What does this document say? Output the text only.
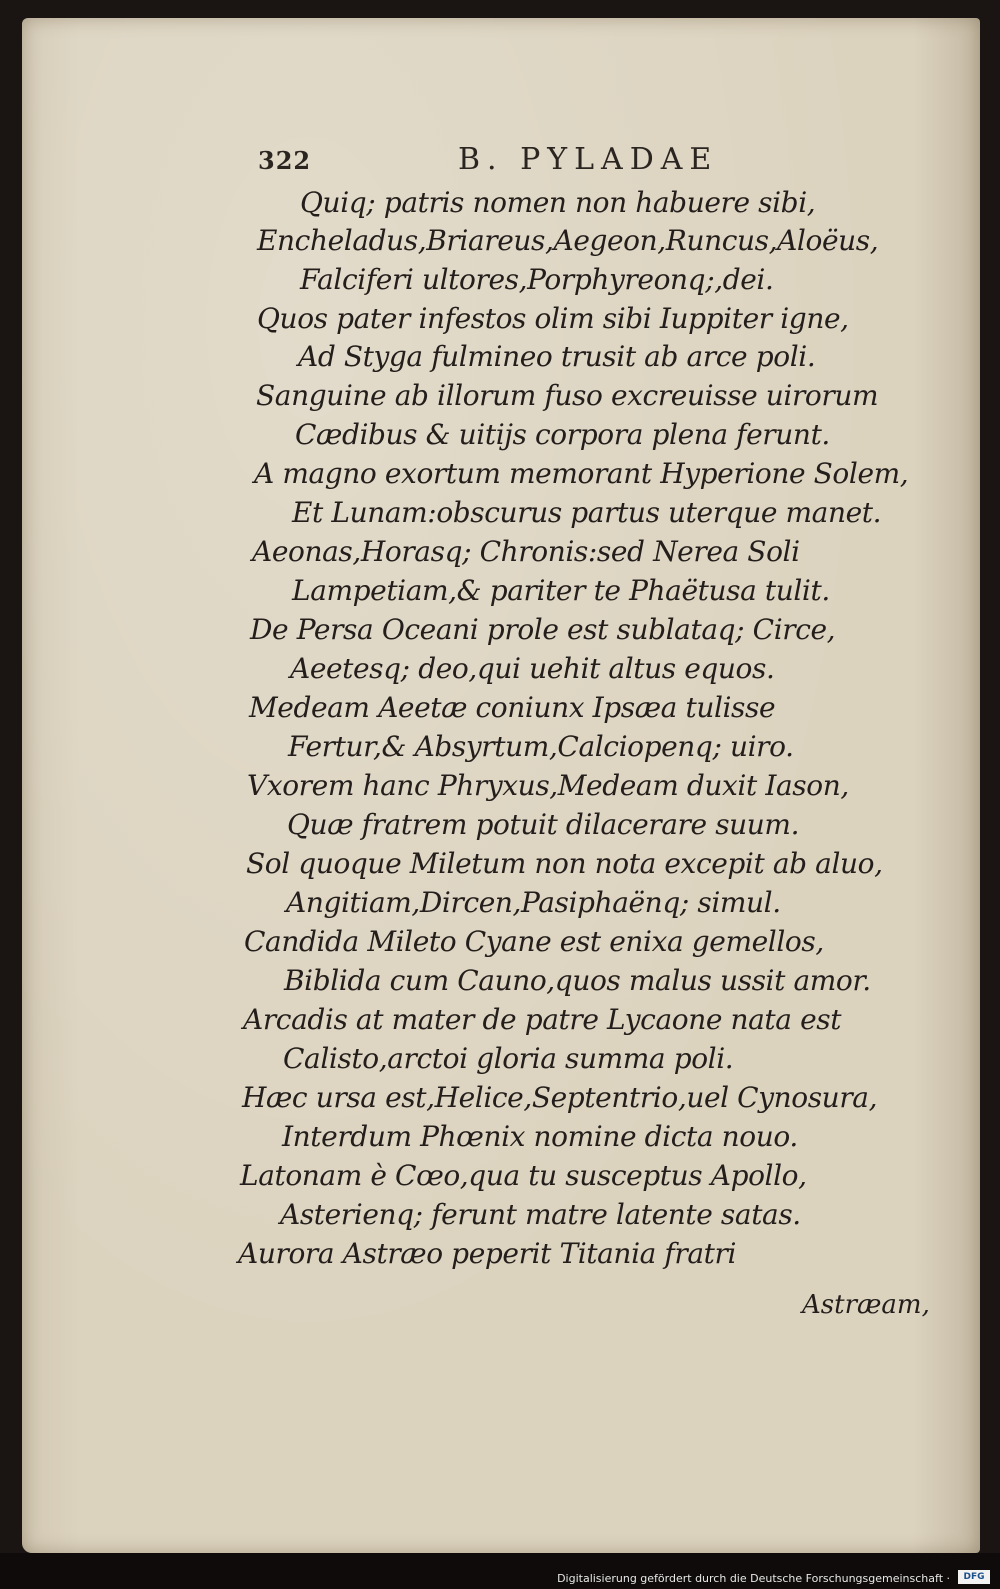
322	B. PYLADAE
Quiq; patris nomen non habuere sibi,
Encheladus,Briareus,Aegeon,Runcus,Aloëus,
Falciferi ultores,Porphyreonq;,dei.
Quos pater infestos olim sibi Iuppiter igne,
Ad Styga fulmineo trusit ab arce poli.
Sanguine ab illorum fuso excreuisse uirorum
Cædibus & uitijs corpora plena ferunt.
A magno exortum memorant Hyperione Solem,
Et Lunam:obscurus partus uterque manet.
Aeonas,Horasq; Chronis:sed Nerea Soli
Lampetiam,& pariter te Phaëtusa tulit.
De Persa Oceani prole est sublataq; Circe,
Aeetesq; deo,qui uehit altus equos.
Medeam Aeetæ coniunx Ipsæa tulisse
Fertur,& Absyrtum,Calciopenq; uiro.
Vxorem hanc Phryxus,Medeam duxit Iason,
Quæ fratrem potuit dilacerare suum.
Sol quoque Miletum non nota excepit ab aluo,
Angitiam,Dircen,Pasiphaënq; simul.
Candida Mileto Cyane est enixa gemellos,
Biblida cum Cauno,quos malus ussit amor.
Arcadis at mater de patre Lycaone nata est
Calisto,arctoi gloria summa poli.
Hæc ursa est,Helice,Septentrio,uel Cynosura,
Interdum Phœnix nomine dicta nouo.
Latonam è Cœo,qua tu susceptus Apollo,
Asterienq; ferunt matre latente satas.
Aurora Astræo peperit Titania fratri
Astræam,
Digitalisierung gefördert durch die Deutsche Forschungsgemeinschaft ·	DFG
